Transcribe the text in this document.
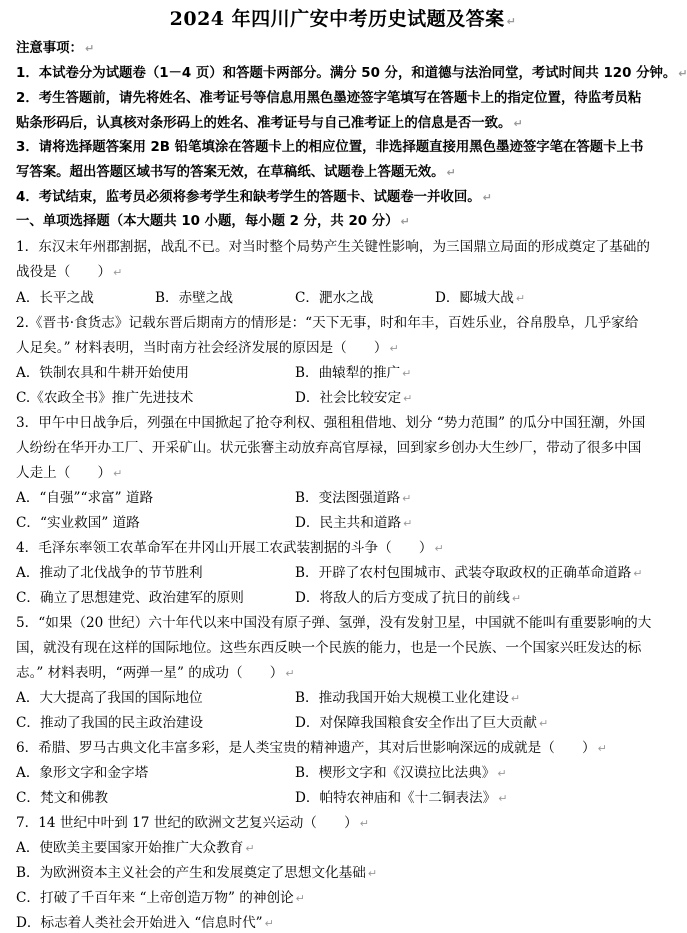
2024 年四川广安中考历史试题及答案 ↵
注意事项： ↵
1．本试卷分为试题卷（1－4 页）和答题卡两部分。满分 50 分，和道德与法治同堂，考试时间共 120 分钟。 ↵
2．考生答题前，请先将姓名、准考证号等信息用黑色墨迹签字笔填写在答题卡上的指定位置，待监考员粘
贴条形码后，认真核对条形码上的姓名、准考证号与自己准考证上的信息是否一致。 ↵
3．请将选择题答案用 2B 铅笔填涂在答题卡上的相应位置，非选择题直接用黑色墨迹签字笔在答题卡上书
写答案。超出答题区域书写的答案无效，在草稿纸、试题卷上答题无效。 ↵
4．考试结束，监考员必须将参考学生和缺考学生的答题卡、试题卷一并收回。 ↵
一、单项选择题（本大题共 10 小题，每小题 2 分，共 20 分） ↵
1．东汉末年州郡割据，战乱不已。对当时整个局势产生关键性影响，为三国鼎立局面的形成奠定了基础的
战役是（　　） ↵
A．长平之战	B．赤壁之战	C．淝水之战	D．郾城大战 ↵
2.《晋书·食货志》记载东晋后期南方的情形是：“天下无事，时和年丰，百姓乐业，谷帛殷阜，几乎家给
人足矣。” 材料表明，当时南方社会经济发展的原因是（　　） ↵
A．铁制农具和牛耕开始使用	B．曲辕犁的推广 ↵
C.《农政全书》推广先进技术	D．社会比较安定 ↵
3．甲午中日战争后，列强在中国掀起了抢夺利权、强租租借地、划分 “势力范围” 的瓜分中国狂潮，外国
人纷纷在华开办工厂、开采矿山。状元张謇主动放弃高官厚禄，回到家乡创办大生纱厂，带动了很多中国
人走上（　　） ↵
A．“自强”“求富” 道路	B．变法图强道路 ↵
C．“实业救国” 道路	D．民主共和道路 ↵
4．毛泽东率领工农革命军在井冈山开展工农武装割据的斗争（　　） ↵
A．推动了北伐战争的节节胜利	B．开辟了农村包围城市、武装夺取政权的正确革命道路 ↵
C．确立了思想建党、政治建军的原则	D．将敌人的后方变成了抗日的前线 ↵
5．“如果（20 世纪）六十年代以来中国没有原子弹、氢弹，没有发射卫星，中国就不能叫有重要影响的大
国，就没有现在这样的国际地位。这些东西反映一个民族的能力，也是一个民族、一个国家兴旺发达的标
志。” 材料表明，“两弹一星” 的成功（　　） ↵
A．大大提高了我国的国际地位	B．推动我国开始大规模工业化建设 ↵
C．推动了我国的民主政治建设	D．对保障我国粮食安全作出了巨大贡献 ↵
6．希腊、罗马古典文化丰富多彩，是人类宝贵的精神遗产，其对后世影响深远的成就是（　　） ↵
A．象形文字和金字塔	B．楔形文字和《汉谟拉比法典》 ↵
C．梵文和佛教	D．帕特农神庙和《十二铜表法》 ↵
7．14 世纪中叶到 17 世纪的欧洲文艺复兴运动（　　） ↵
A．使欧美主要国家开始推广大众教育 ↵
B．为欧洲资本主义社会的产生和发展奠定了思想文化基础 ↵
C．打破了千百年来 “上帝创造万物” 的神创论 ↵
D．标志着人类社会开始进入 “信息时代” ↵
